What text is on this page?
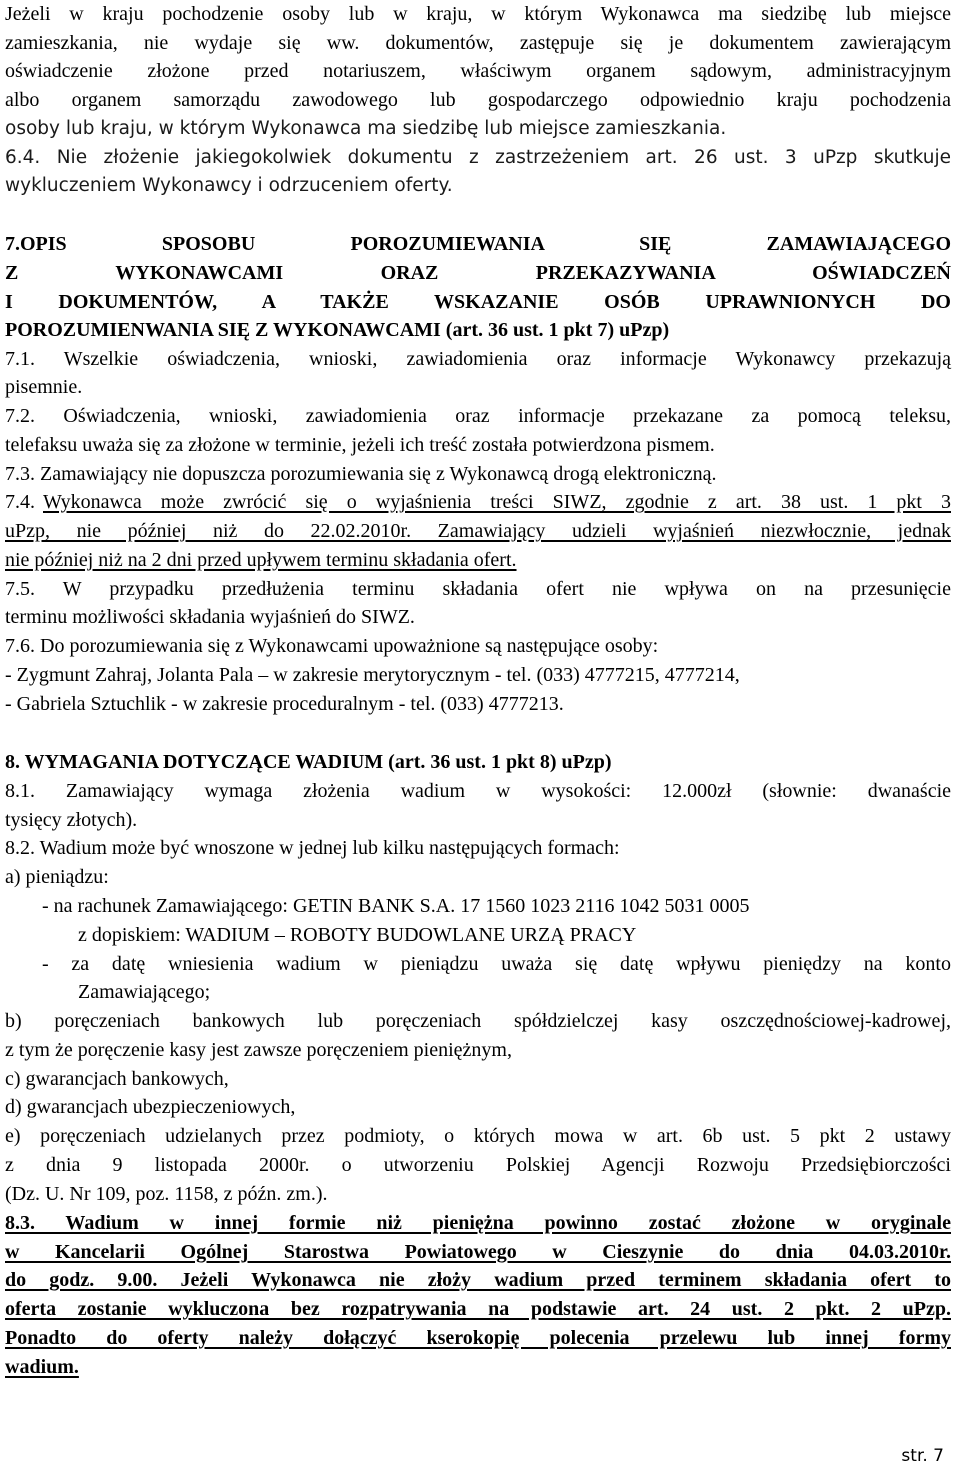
Jeżeli w kraju pochodzenie osoby lub w kraju, w którym Wykonawca ma siedzibę lub miejsce
zamieszkania, nie wydaje się ww. dokumentów, zastępuje się je dokumentem zawierającym
oświadczenie złożone przed notariuszem, właściwym organem sądowym, administracyjnym
albo organem samorządu zawodowego lub gospodarczego odpowiednio kraju pochodzenia
osoby lub kraju, w którym Wykonawca ma siedzibę lub miejsce zamieszkania.
6.4. Nie złożenie jakiegokolwiek dokumentu z zastrzeżeniem art. 26 ust. 3 uPzp skutkuje
wykluczeniem Wykonawcy i odrzuceniem oferty.
7.OPIS SPOSOBU POROZUMIEWANIA SIĘ ZAMAWIAJĄCEGO
Z WYKONAWCAMI ORAZ PRZEKAZYWANIA OŚWIADCZEŃ
I DOKUMENTÓW, A TAKŻE WSKAZANIE OSÓB UPRAWNIONYCH DO
POROZUMIENWANIA SIĘ Z WYKONAWCAMI (art. 36 ust. 1 pkt 7) uPzp)
7.1. Wszelkie oświadczenia, wnioski, zawiadomienia oraz informacje Wykonawcy przekazują
pisemnie.
7.2. Oświadczenia, wnioski, zawiadomienia oraz informacje przekazane za pomocą teleksu,
telefaksu uważa się za złożone w terminie, jeżeli ich treść została potwierdzona pismem.
7.3. Zamawiający nie dopuszcza porozumiewania się z Wykonawcą drogą elektroniczną.
7.4. Wykonawca może zwrócić się o wyjaśnienia treści SIWZ, zgodnie z art. 38 ust. 1 pkt 3
uPzp, nie później niż do 22.02.2010r. Zamawiający udzieli wyjaśnień niezwłocznie, jednak
nie później niż na 2 dni przed upływem terminu składania ofert.
7.5. W przypadku przedłużenia terminu składania ofert nie wpływa on na przesunięcie
terminu możliwości składania wyjaśnień do SIWZ.
7.6. Do porozumiewania się z Wykonawcami upoważnione są następujące osoby:
- Zygmunt Zahraj, Jolanta Pala – w zakresie merytorycznym - tel. (033) 4777215, 4777214,
- Gabriela Sztuchlik - w zakresie proceduralnym - tel. (033) 4777213.
8. WYMAGANIA DOTYCZĄCE WADIUM (art. 36 ust. 1 pkt 8) uPzp)
8.1. Zamawiający wymaga złożenia wadium w wysokości: 12.000zł (słownie: dwanaście
tysięcy złotych).
8.2. Wadium może być wnoszone w jednej lub kilku następujących formach:
a) pieniądzu:
- na rachunek Zamawiającego: GETIN BANK S.A. 17 1560 1023 2116 1042 5031 0005
z dopiskiem: WADIUM – ROBOTY BUDOWLANE URZĄ PRACY
- za datę wniesienia wadium w pieniądzu uważa się datę wpływu pieniędzy na konto
Zamawiającego;
b) poręczeniach bankowych lub poręczeniach spółdzielczej kasy oszczędnościowej-kadrowej,
z tym że poręczenie kasy jest zawsze poręczeniem pieniężnym,
c) gwarancjach bankowych,
d) gwarancjach ubezpieczeniowych,
e) poręczeniach udzielanych przez podmioty, o których mowa w art. 6b ust. 5 pkt 2 ustawy
z dnia 9 listopada 2000r. o utworzeniu Polskiej Agencji Rozwoju Przedsiębiorczości
(Dz. U. Nr 109, poz. 1158, z późn. zm.).
8.3. Wadium w innej formie niż pieniężna powinno zostać złożone w oryginale
w Kancelarii Ogólnej Starostwa Powiatowego w Cieszynie do dnia 04.03.2010r.
do godz. 9.00. Jeżeli Wykonawca nie złoży wadium przed terminem składania ofert to
oferta zostanie wykluczona bez rozpatrywania na podstawie art. 24 ust. 2 pkt. 2 uPzp.
Ponadto do oferty należy dołączyć kserokopię polecenia przelewu lub innej formy
wadium.
str. 7
